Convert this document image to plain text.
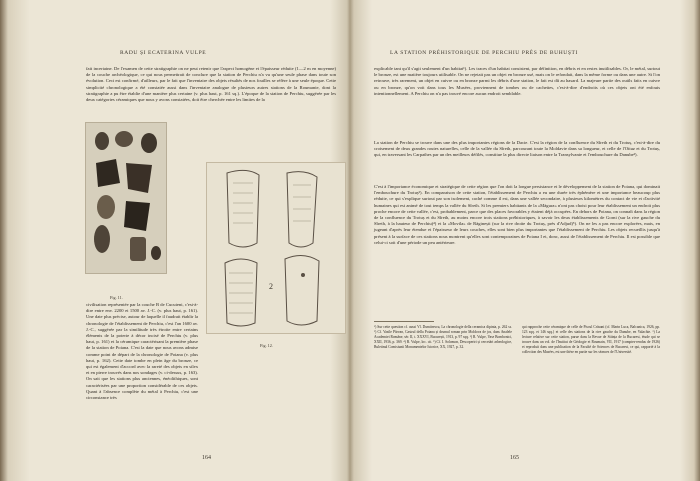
RADU ȘI ECATERINA VULPE
fait incertaine. De l'examen de cette stratigraphie on ne peut retenir que l'aspect homogène et l'épaisseur réduite (1—2 m en moyenne) de la couche archéologique, ce qui nous permettrait de conclure que la station de Perchiu n'a vu qu'une seule phase dans toute son évolution. Ceci est confirmé, d'ailleurs, par le fait que l'inventaire des objets résultés de nos fouilles se réfère à une seule époque. Cette simplicité chronologique a été constatée aussi dans l'inventaire analogue de plusieurs autres stations de la Roumanie, dont la stratigraphie a pu être établie d'une manière plus certaine (v. plus haut, p. 161 sq.). L'époque de la station de Perchiu, suggérée par les deux catégories céramiques que nous y avons constatées, doit être cherchée entre les limites de la
Fig. 11.
2
Fig. 12.
civilisation représentée par la couche B de Cucuteni, c'est-à-dire entre env. 2200 et 1500 av. J.-C. (v. plus haut, p. 161). Une date plus précise, autour de laquelle il faudrait établir la chronologie de l'établissement de Perchiu, c'est l'an 1600 av. J.-C., suggérée par la similitude très étroite entre certains éléments de la poterie à décor incisé de Perchiu (v. plus haut, p. 161) et la céramique caractérisant la première phase de la station de Poiana. C'est la date que nous avons admise comme point de départ de la chronologie de Poiana (v. plus haut, p. 162). Cette date tombe en plein âge du bronze, ce qui est également d'accord avec la rareté des objets en silex et en pierre trouvés dans nos sondages (v. ci-dessus, p. 163). On sait que les stations plus anciennes, énéolithiques, sont caractérisées par une proportion considérable de ces objets. Quant à l'absence complète du métal à Perchiu, c'est une circonstance très
164
LA STATION PRÉHISTORIQUE DE PERCHIU PRÈS DE BUHUȘTI
explicable tant qu'il s'agit seulement d'un habitat¹). Les traces d'un habitat consistent, par définition, en débris et en restes inutilisables. Or, le métal, surtout le bronze, est une matière toujours utilisable. On ne rejetait pas un objet en bronze usé, mais on le refondait, dans la même forme ou dans une autre. Si l'on retrouve, très rarement, un objet en cuivre ou en bronze parmi les débris d'une station, le fait est dû au hasard. La majeure partie des outils faits en cuivre ou en bronze, qu'on voit dans tous les Musées, proviennent de tombes ou de cachettes, c'est-à-dire d'endroits où ces objets ont été enfouis intentionnellement. A Perchiu on n'a pas trouvé encore aucun endroit semblable.
La station de Perchiu se trouve dans une des plus importantes régions de la Dacie. C'est la région de la confluence du Sîreth et du Trotuș, c'est-à-dire du croisement de deux grandes routes naturelles, celle de la vallée du Sîreth, parcourant toute la Moldavie dans sa longueur, et celle de l'Oituz et du Trotuș, qui, en traversant les Carpathes par un des meilleurs défilés, constitue la plus directe liaison entre la Transylvanie et l'embouchure du Danube²).
C'est à l'importance économique et stratégique de cette région que l'on doit la longue persistance et le développement de la station de Poiana, qui dominait l'embouchure du Trotuș³). En comparaison de cette station, l'établissement de Perchiu a eu une durée très éphémère et une importance beaucoup plus réduite, ce qui s'explique surtout par son isolement, caché comme il est, dans une vallée secondaire, à plusieurs kilomètres du contact de vie et d'activité humaines qui est animé de tout temps la vallée du Sîreth. Si les premiers habitants de la «Măgura» n'ont pas choisi pour leur établissement un endroit plus proche encore de cette vallée, c'est, probablement, parce que des places favorables y étaient déjà occupées. En dehors de Poiana, on connaît dans la région de la confluence du Trotuș et du Sîreth, au moins encore trois stations préhistoriques, à savoir les deux établissements de Gorni (sur la rive gauche du Sîreth, à la hauteur de Perchiu)⁴) et la «Movila» de Răginești (sur la rive droite du Trotuș, près d'Adjud)⁵). On ne les a pas encore explorées, mais, en jugeant d'après leur étendue et l'épaisseur de leurs couches, elles sont bien plus importantes que l'établissement de Perchiu. Les objets recueillis jusqu'à présent à la surface de ces stations nous montrent qu'elles sont contemporaines de Poiana I et, donc, aussi de l'établissement de Perchiu. Il est possible que celui-ci soit d'une période un peu antérieure.
¹) Sur cette question cf. aussi Vl. Dumitrescu, La chronologie della ceramica dipinta, p. 262 ss. ²) Cf. Vasile Pârvan, Castrul della Poiana și drumul roman prin Moldova de jos, dans Analele Academiei Române, sér. II, t. XXXVI, București, 1913, p. 97 sqq. ³) R. Vulpe, Vase Bombonici, XXII, 1936, p. 369. ⁴) R. Vulpe, loc. cit. ⁵) Cf. I. Solomon, Descoperiri și cercetări arheologice, Buletinul Comisiunii Monumentelor Istorice, XX, 1927, p. 32.
qui rapproche cette céramique de celle de Piscul Crăsani (cf. Marin Luca, Balcanica, 1926, pp. 123 sqq. et 146 sqq.) et celle des stations de la rive gauche du Danube, en Valachie. ¹) La lecture relative sur cette station, parue dans la Revue de Stiința de la Bucarest, étude qui se trouve dans un vol. de l'Institut de Géologie et Roumain, VII, 1917 (comptes-rendus de 1926) et reproduit dans une publication de la Faculté de Sciences de Bucarest, ce qui, rapporté à la collection des Musées, est une thèse en partie sur les séances de l'Université.
165
